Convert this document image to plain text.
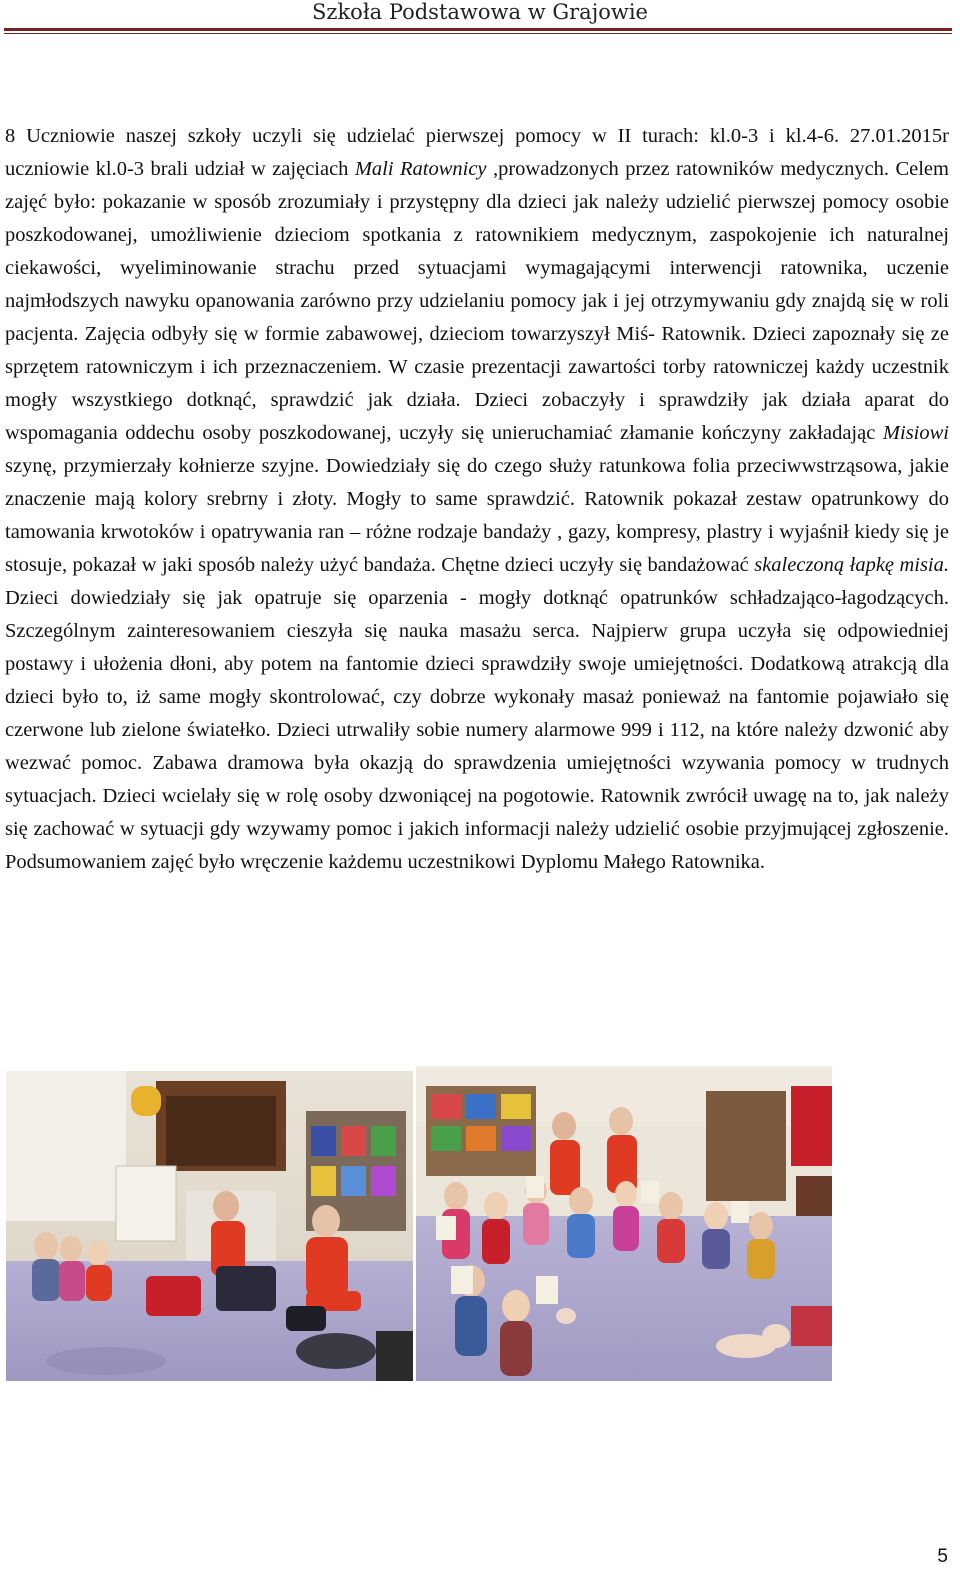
Szkoła Podstawowa w Grajowie

8 Uczniowie naszej szkoły uczyli się udzielać pierwszej pomocy w II turach: kl.0-3 i kl.4-6. 27.01.2015r uczniowie kl.0-3 brali udział w zajęciach Mali Ratownicy ,prowadzonych przez ratowników medycznych. Celem zajęć było: pokazanie w sposób zrozumiały i przystępny dla dzieci jak należy udzielić pierwszej pomocy osobie poszkodowanej, umożliwienie dzieciom spotkania z ratownikiem medycznym, zaspokojenie ich naturalnej ciekawości, wyeliminowanie strachu przed sytuacjami wymagającymi interwencji ratownika, uczenie najmłodszych nawyku opanowania zarówno przy udzielaniu pomocy jak i jej otrzymywaniu gdy znajdą się w roli pacjenta. Zajęcia odbyły się w formie zabawowej, dzieciom towarzyszył Miś- Ratownik. Dzieci zapoznały się ze sprzętem ratowniczym i ich przeznaczeniem. W czasie prezentacji zawartości torby ratowniczej każdy uczestnik mogły wszystkiego dotknąć, sprawdzić jak działa. Dzieci zobaczyły i sprawdziły jak działa aparat do wspomagania oddechu osoby poszkodowanej, uczyły się unieruchamiać złamanie kończyny zakładając Misiowi szynę, przymierzały kołnierze szyjne. Dowiedziały się do czego służy ratunkowa folia przeciwwstrząsowa, jakie znaczenie mają kolory srebrny i złoty. Mogły to same sprawdzić. Ratownik pokazał zestaw opatrunkowy do tamowania krwotoków i opatrywania ran – różne rodzaje bandaży , gazy, kompresy, plastry i wyjaśnił kiedy się je stosuje, pokazał w jaki sposób należy użyć bandaża. Chętne dzieci uczyły się bandażować skaleczoną łapkę misia. Dzieci dowiedziały się jak opatruje się oparzenia - mogły dotknąć opatrunków schładzająco-łagodzących. Szczególnym zainteresowaniem cieszyła się nauka masażu serca. Najpierw grupa uczyła się odpowiedniej postawy i ułożenia dłoni, aby potem na fantomie dzieci sprawdziły swoje umiejętności. Dodatkową atrakcją dla dzieci było to, iż same mogły skontrolować, czy dobrze wykonały masaż ponieważ na fantomie pojawiało się czerwone lub zielone światełko. Dzieci utrwaliły sobie numery alarmowe 999 i 112, na które należy dzwonić aby wezwać pomoc. Zabawa dramowa była okazją do sprawdzenia umiejętności wzywania pomocy w trudnych sytuacjach. Dzieci wcielały się w rolę osoby dzwoniącej na pogotowie. Ratownik zwrócił uwagę na to, jak należy się zachować w sytuacji gdy wzywamy pomoc i jakich informacji należy udzielić osobie przyjmującej zgłoszenie. Podsumowaniem zajęć było wręczenie każdemu uczestnikowi Dyplomu Małego Ratownika.

5
